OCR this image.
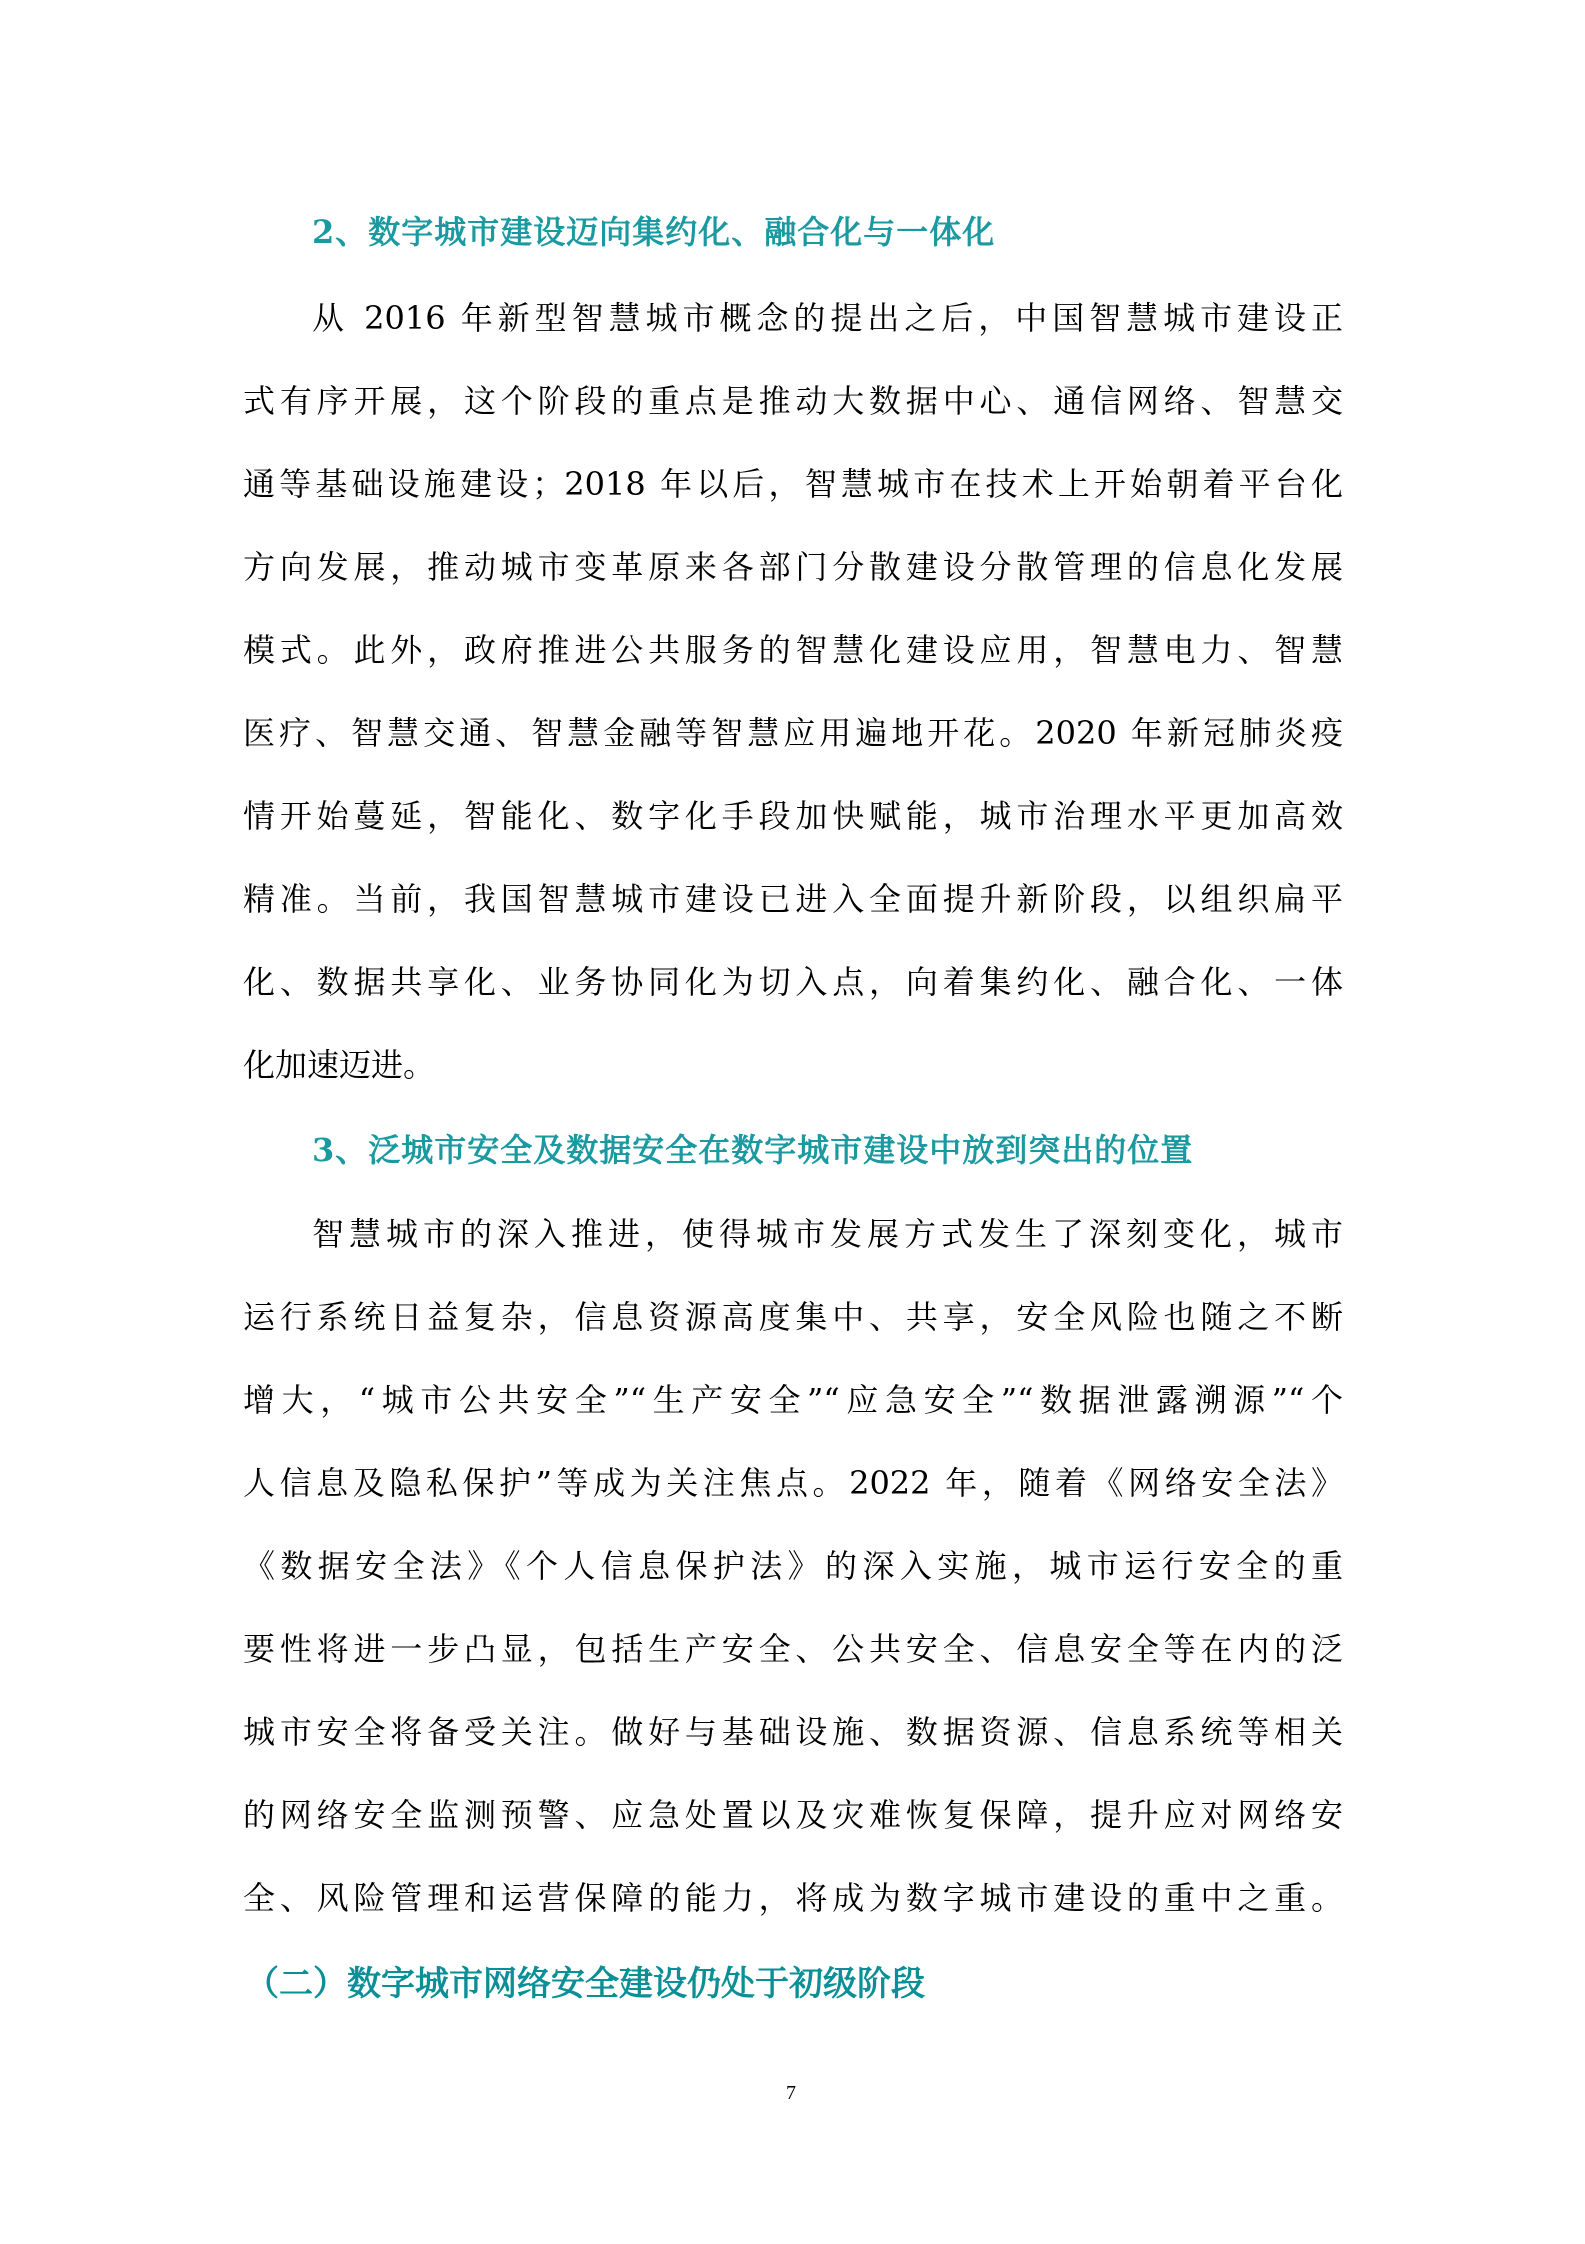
2、数字城市建设迈向集约化、融合化与一体化
从 2016 年新型智慧城市概念的提出之后，中国智慧城市建设正
式有序开展，这个阶段的重点是推动大数据中心、通信网络、智慧交
通等基础设施建设；2018 年以后，智慧城市在技术上开始朝着平台化
方向发展，推动城市变革原来各部门分散建设分散管理的信息化发展
模式。此外，政府推进公共服务的智慧化建设应用，智慧电力、智慧
医疗、智慧交通、智慧金融等智慧应用遍地开花。2020 年新冠肺炎疫
情开始蔓延，智能化、数字化手段加快赋能，城市治理水平更加高效
精准。当前，我国智慧城市建设已进入全面提升新阶段，以组织扁平
化、数据共享化、业务协同化为切入点，向着集约化、融合化、一体
化加速迈进。
3、泛城市安全及数据安全在数字城市建设中放到突出的位置
智慧城市的深入推进，使得城市发展方式发生了深刻变化，城市
运行系统日益复杂，信息资源高度集中、共享，安全风险也随之不断
增大，“城市公共安全”“生产安全”“应急安全”“数据泄露溯源”“个
人信息及隐私保护”等成为关注焦点。2022 年，随着《网络安全法》
《数据安全法》《个人信息保护法》的深入实施，城市运行安全的重
要性将进一步凸显，包括生产安全、公共安全、信息安全等在内的泛
城市安全将备受关注。做好与基础设施、数据资源、信息系统等相关
的网络安全监测预警、应急处置以及灾难恢复保障，提升应对网络安
全、风险管理和运营保障的能力，将成为数字城市建设的重中之重。
（二）数字城市网络安全建设仍处于初级阶段
7
